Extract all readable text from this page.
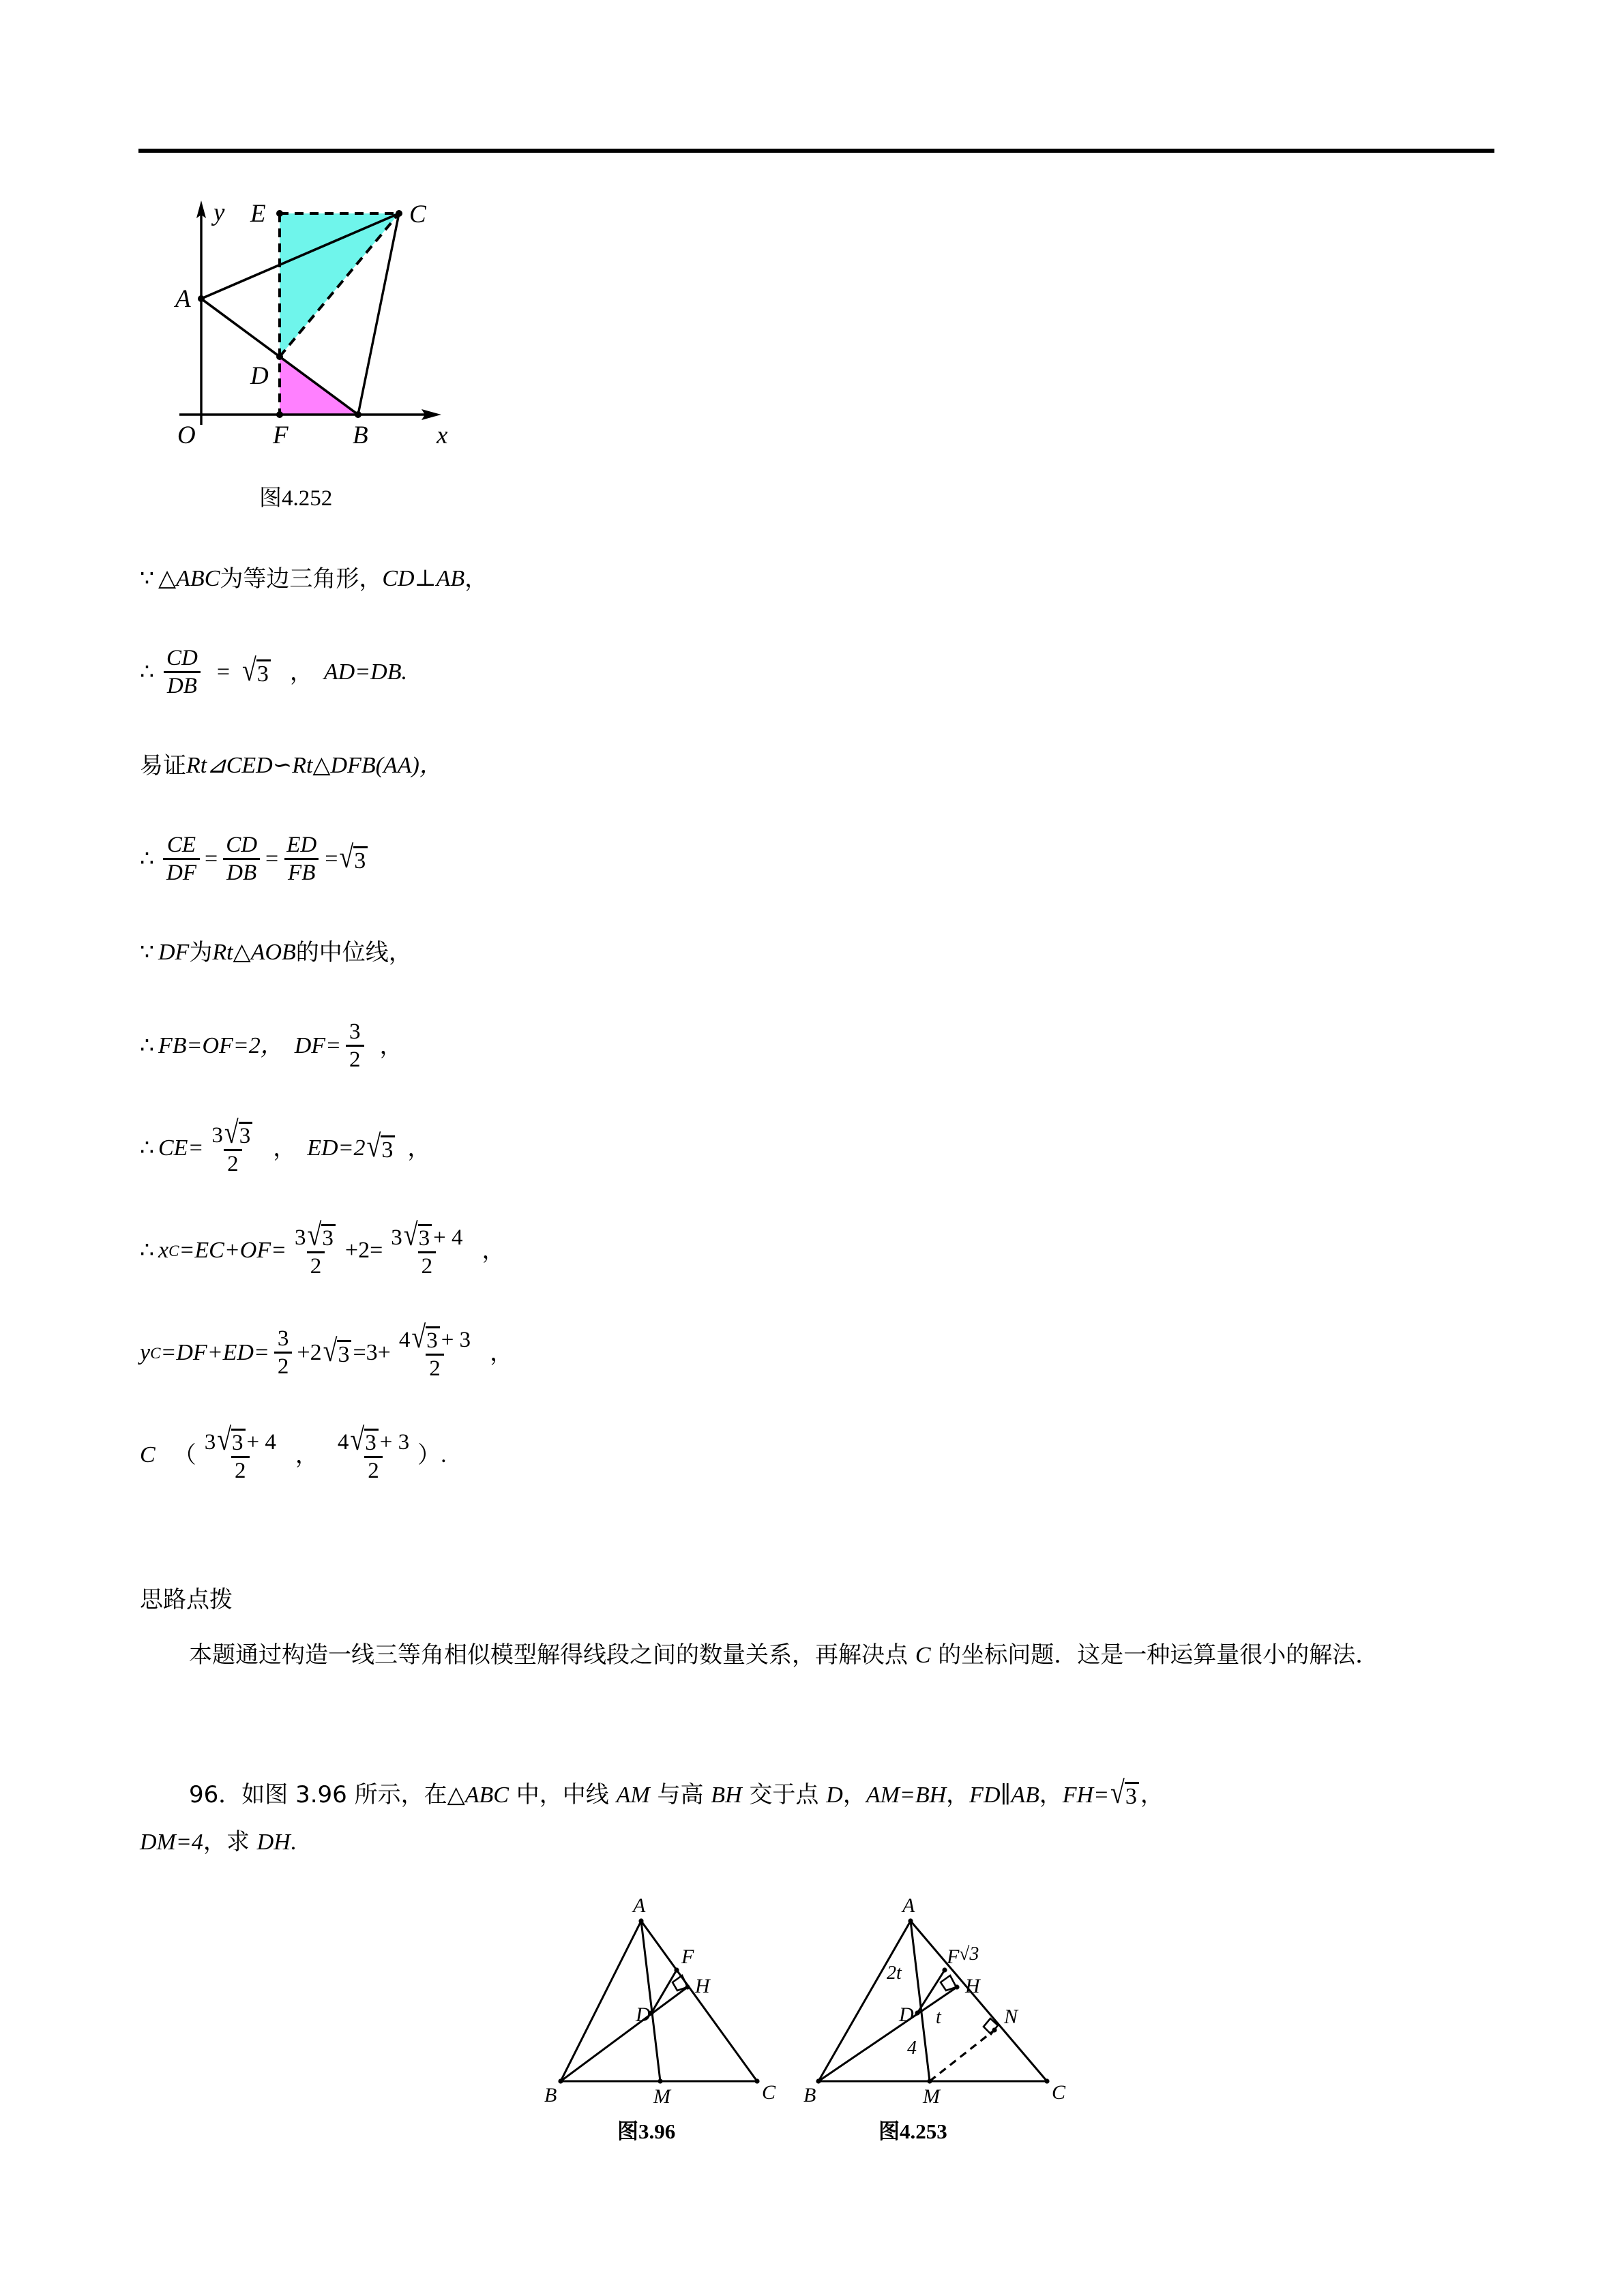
y
x
O
A
B
C
D
E
F
图4.252
∵ △ ABC 为等边三角形， CD ⊥ AB ，
∴ $\frac{CD}{DB}$ = √ 3 ， AD=DB.
易证 Rt⊿CED∽Rt△DFB(AA)，
∴ $\frac{CE}{DF} = \frac{CD}{DB} = \frac{ED}{FB}$ = √ 3
∵ DF 为 Rt△AOB 的中位线，
∴ FB=OF=2， $DF= \frac{3}{2}$ ，
∴ $CE= \frac{3 √ 3}{2}$ ， ED=2 √ 3 ，
∴ x $C =EC+OF= \frac{3 √ 3}{2} +2= \frac{3 √ 3 + 4}{2}$ ，
y $C =DF+ED= \frac{3}{2} +2$ √ $3 =3+ \frac{4 √ 3 + 3}{2}$ ，
C （ $\frac{3 √ 3 + 4}{2}$ ， $\frac{4 √ 3 + 3}{2}$ ） .
思路点拨
本题通过构造一线三等角相似模型解得线段之间的数量关系，再解决点 C 的坐标问题．这是一种运算量很小的解法．
96．如图 3.96 所示，在△ABC 中，中线 AM 与高 BH 交于点 D，AM=BH，FD∥AB，FH= √ 3 ，
DM=4，求 DH.
A
B	C
D
F
H
M
图3.96
A
B	C
D
F
H
M
N
2t
t
4
√3
图4.253
